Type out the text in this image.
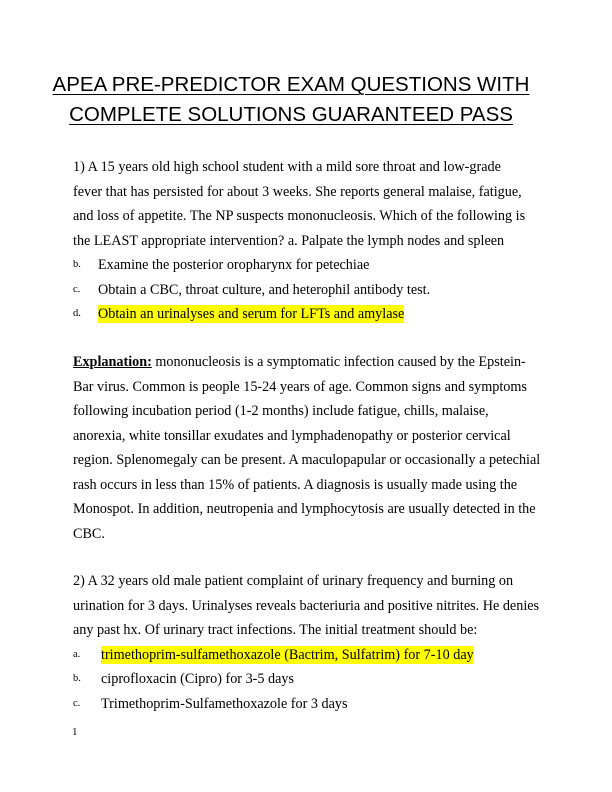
APEA PRE-PREDICTOR EXAM QUESTIONS WITH
COMPLETE SOLUTIONS GUARANTEED PASS
1) A 15 years old high school student with a mild sore throat and low-grade
fever that has persisted for about 3 weeks. She reports general malaise, fatigue,
and loss of appetite. The NP suspects mononucleosis. Which of the following is
the LEAST appropriate intervention? a. Palpate the lymph nodes and spleen
b. Examine the posterior oropharynx for petechiae
c. Obtain a CBC, throat culture, and heterophil antibody test.
d. Obtain an urinalyses and serum for LFTs and amylase
Explanation: mononucleosis is a symptomatic infection caused by the Epstein-
Bar virus. Common is people 15-24 years of age. Common signs and symptoms
following incubation period (1-2 months) include fatigue, chills, malaise,
anorexia, white tonsillar exudates and lymphadenopathy or posterior cervical
region. Splenomegaly can be present. A maculopapular or occasionally a petechial
rash occurs in less than 15% of patients. A diagnosis is usually made using the
Monospot. In addition, neutropenia and lymphocytosis are usually detected in the
CBC.
2) A 32 years old male patient complaint of urinary frequency and burning on
urination for 3 days. Urinalyses reveals bacteriuria and positive nitrites. He denies
any past hx. Of urinary tract infections. The initial treatment should be:
a. trimethoprim-sulfamethoxazole (Bactrim, Sulfatrim) for 7-10 day
b. ciprofloxacin (Cipro) for 3-5 days
c. Trimethoprim-Sulfamethoxazole for 3 days
1
